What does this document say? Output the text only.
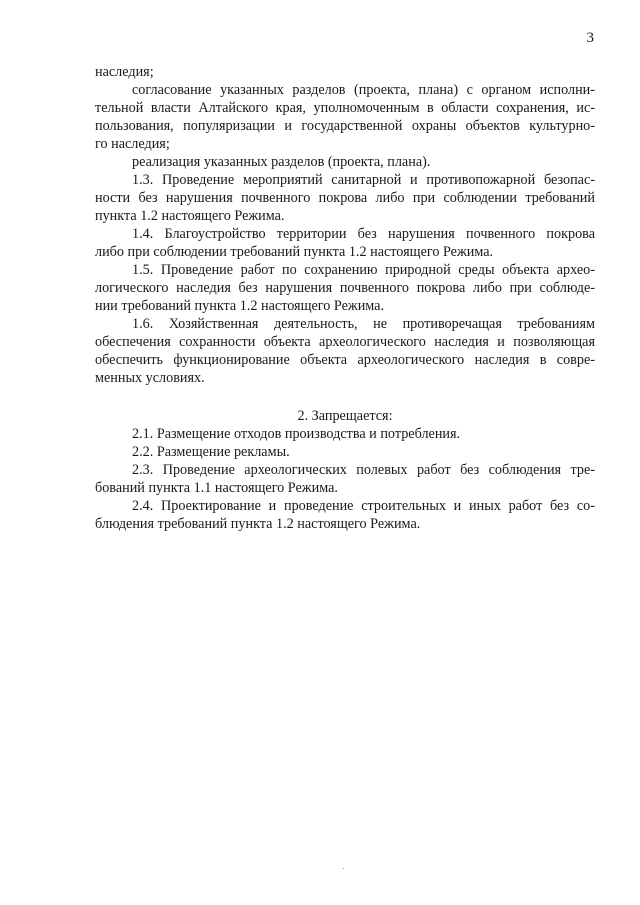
3
наследия;
согласование указанных разделов (проекта, плана) с органом исполни-
тельной власти Алтайского края, уполномоченным в области сохранения, ис-
пользования, популяризации и государственной охраны объектов культурно-
го наследия;
реализация указанных разделов (проекта, плана).
1.3. Проведение мероприятий санитарной и противопожарной безопас-
ности без нарушения почвенного покрова либо при соблюдении требований
пункта 1.2 настоящего Режима.
1.4. Благоустройство территории без нарушения почвенного покрова
либо при соблюдении требований пункта 1.2 настоящего Режима.
1.5. Проведение работ по сохранению природной среды объекта архео-
логического наследия без нарушения почвенного покрова либо при соблюде-
нии требований пункта 1.2 настоящего Режима.
1.6. Хозяйственная деятельность, не противоречащая требованиям
обеспечения сохранности объекта археологического наследия и позволяющая
обеспечить функционирование объекта археологического наследия в совре-
менных условиях.
2. Запрещается:
2.1. Размещение отходов производства и потребления.
2.2. Размещение рекламы.
2.3. Проведение археологических полевых работ без соблюдения тре-
бований пункта 1.1 настоящего Режима.
2.4. Проектирование и проведение строительных и иных работ без со-
блюдения требований пункта 1.2 настоящего Режима.
